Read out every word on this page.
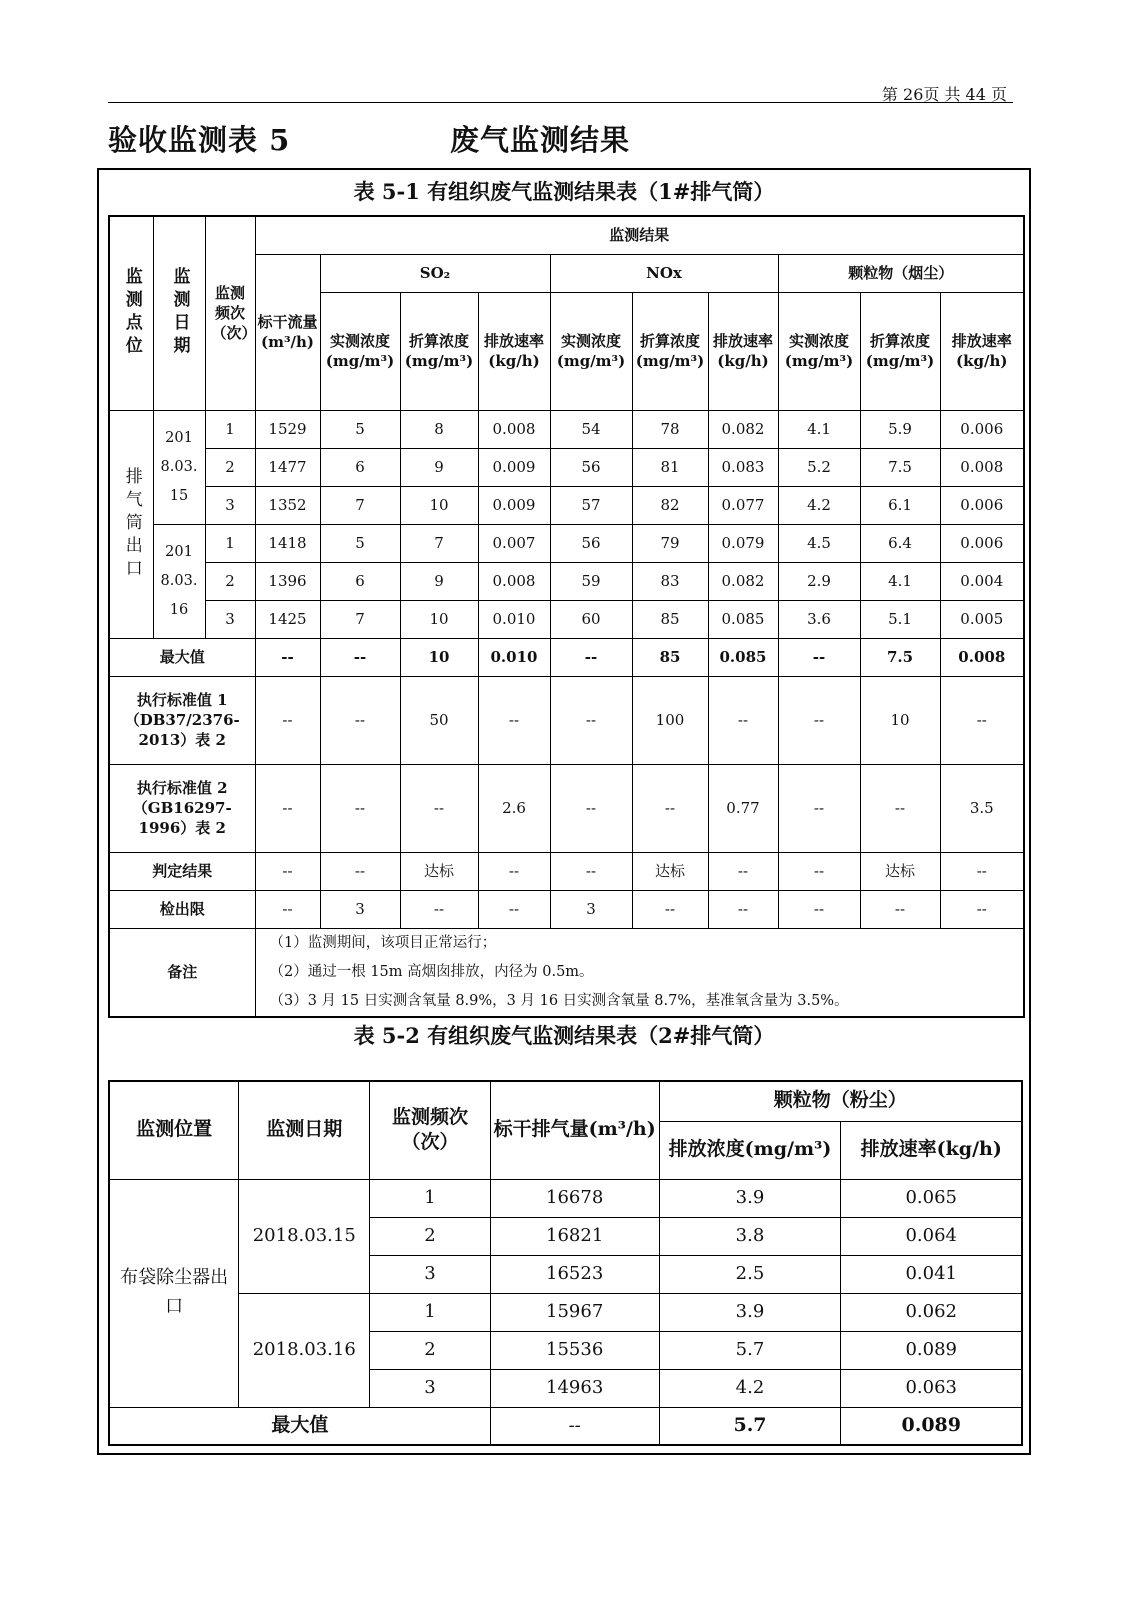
第 26页 共 44 页
验收监测表 5	废气监测结果
表 5-1 有组织废气监测结果表（1#排气筒）
表 5-2 有组织废气监测结果表（2#排气筒）
监测点位	监测日期	监测频次（次）	监测结果									
			标干流量(m³/h)	SO₂			NOx			颗粒物（烟尘）		
				实测浓度(mg/m³)	折算浓度(mg/m³)	排放速率(kg/h)	实测浓度(mg/m³)	折算浓度(mg/m³)	排放速率(kg/h)	实测浓度(mg/m³)	折算浓度(mg/m³)	排放速率(kg/h)
排气筒出口	2018.03.15	1	1529	5	8	0.008	54	78	0.082	4.1	5.9	0.006
		2	1477	6	9	0.009	56	81	0.083	5.2	7.5	0.008
		3	1352	7	10	0.009	57	82	0.077	4.2	6.1	0.006
	2018.03.16	1	1418	5	7	0.007	56	79	0.079	4.5	6.4	0.006
		2	1396	6	9	0.008	59	83	0.082	2.9	4.1	0.004
		3	1425	7	10	0.010	60	85	0.085	3.6	5.1	0.005
最大值			--	--	10	0.010	--	85	0.085	--	7.5	0.008
执行标准值 1（DB37/2376-2013）表 2			--	--	50	--	--	100	--	--	10	--
执行标准值 2（GB16297-1996）表 2			--	--	--	2.6	--	--	0.77	--	--	3.5
判定结果			--	--	达标	--	--	达标	--	--	达标	--
检出限			--	3	--	--	3	--	--	--	--	--
备注			（1）监测期间，该项目正常运行；
（2）通过一根 15m 高烟囱排放，内径为 0.5m。
（3）3 月 15 日实测含氧量 8.9%，3 月 16 日实测含氧量 8.7%，基准氧含量为 3.5%。									
监测位置	监测日期	监测频次（次）	标干排气量(m³/h)	颗粒物（粉尘）	
				排放浓度(mg/m³)	排放速率(kg/h)
布袋除尘器出口	2018.03.15	1	16678	3.9	0.065
		2	16821	3.8	0.064
		3	16523	2.5	0.041
	2018.03.16	1	15967	3.9	0.062
		2	15536	5.7	0.089
		3	14963	4.2	0.063
最大值			--	5.7	0.089
